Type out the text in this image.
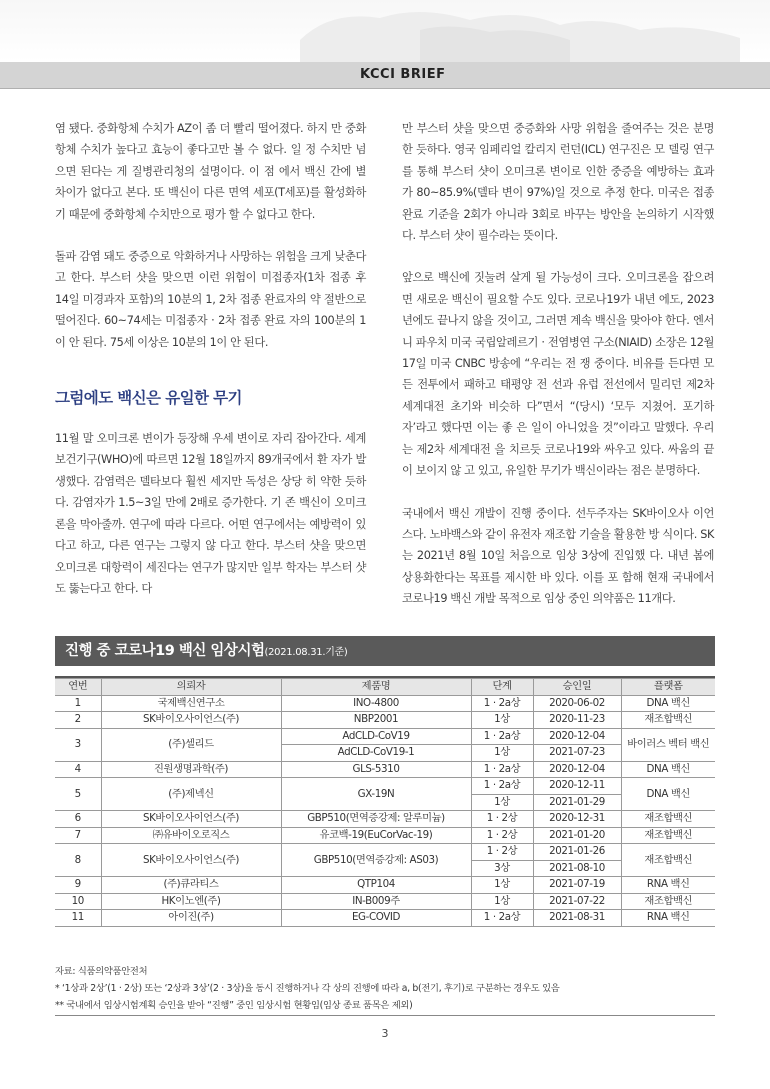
KCCI BRIEF

염 됐다. 중화항체 수치가 AZ이 좀 더 빨리 떨어졌다. 하지 만 중화항체 수치가 높다고 효능이 좋다고만 볼 수 없다. 일 정 수치만 넘으면 된다는 게 질병관리청의 설명이다. 이 점 에서 백신 간에 별 차이가 없다고 본다. 또 백신이 다른 면역 세포(T세포)를 활성화하기 때문에 중화항체 수치만으로 평가 할 수 없다고 한다.

돌파 감염 돼도 중증으로 악화하거나 사망하는 위험을 크게 낮춘다고 한다. 부스터 샷을 맞으면 이런 위험이 미접종자(1차 접종 후 14일 미경과자 포함)의 10분의 1, 2차 접종 완료자의 약 절반으로 떨어진다. 60~74세는 미접종자 · 2차 접종 완료 자의 100분의 1이 안 된다. 75세 이상은 10분의 1이 안 된다.

그럼에도 백신은 유일한 무기

11월 말 오미크론 변이가 등장해 우세 변이로 자리 잡아간다. 세계보건기구(WHO)에 따르면 12월 18일까지 89개국에서 환 자가 발생했다. 감염력은 델타보다 훨씬 세지만 독성은 상당 히 약한 듯하다. 감염자가 1.5~3일 만에 2배로 증가한다. 기 존 백신이 오미크론을 막아줄까. 연구에 따라 다르다. 어떤 연구에서는 예방력이 있다고 하고, 다른 연구는 그렇지 않 다고 한다. 부스터 샷을 맞으면 오미크론 대항력이 세진다는 연구가 많지만 일부 학자는 부스터 샷도 뚫는다고 한다. 다

만 부스터 샷을 맞으면 중증화와 사망 위험을 줄여주는 것은 분명한 듯하다. 영국 임페리얼 칼리지 런던(ICL) 연구진은 모 델링 연구를 통해 부스터 샷이 오미크론 변이로 인한 중증을 예방하는 효과가 80~85.9%(델타 변이 97%)일 것으로 추정 한다. 미국은 접종 완료 기준을 2회가 아니라 3회로 바꾸는 방안을 논의하기 시작했다. 부스터 샷이 필수라는 뜻이다.

앞으로 백신에 짓눌려 살게 될 가능성이 크다. 오미크론을 잡으려면 새로운 백신이 필요할 수도 있다. 코로나19가 내년 에도, 2023년에도 끝나지 않을 것이고, 그러면 계속 백신을 맞아야 한다. 엔서니 파우치 미국 국립알레르기 · 전염병연 구소(NIAID) 소장은 12월 17일 미국 CNBC 방송에 “우리는 전 쟁 중이다. 비유를 든다면 모든 전투에서 패하고 태평양 전 선과 유럽 전선에서 밀리던 제2차 세계대전 초기와 비슷하 다”면서 “(당시) ‘모두 지쳤어. 포기하자’라고 했다면 이는 좋 은 일이 아니었을 것”이라고 말했다. 우리는 제2차 세계대전 을 치르듯 코로나19와 싸우고 있다. 싸움의 끝이 보이지 않 고 있고, 유일한 무기가 백신이라는 점은 분명하다.

국내에서 백신 개발이 진행 중이다. 선두주자는 SK바이오사 이언스다. 노바백스와 같이 유전자 재조합 기술을 활용한 방 식이다. SK는 2021년 8월 10일 처음으로 임상 3상에 진입했 다. 내년 봄에 상용화한다는 목표를 제시한 바 있다. 이를 포 함해 현재 국내에서 코로나19 백신 개발 목적으로 임상 중인 의약품은 11개다.

진행 중 코로나19 백신 임상시험(2021.08.31.기준)
연번	의뢰자	제품명	단계	승인일	플랫폼
1	국제백신연구소	INO-4800	1 · 2a상	2020-06-02	DNA 백신
2	SK바이오사이언스(주)	NBP2001	1상	2020-11-23	재조합백신
3	(주)셀리드	AdCLD-CoV19	1 · 2a상	2020-12-04	바이러스 벡터 백신
		AdCLD-CoV19-1	1상	2021-07-23	
4	진원생명과학(주)	GLS-5310	1 · 2a상	2020-12-04	DNA 백신
5	(주)제넥신	GX-19N	1 · 2a상	2020-12-11	DNA 백신
			1상	2021-01-29	
6	SK바이오사이언스(주)	GBP510(면역증강제: 알루미늄)	1 · 2상	2020-12-31	재조합백신
7	㈜유바이오로직스	유코백-19(EuCorVac-19)	1 · 2상	2021-01-20	재조합백신
8	SK바이오사이언스(주)	GBP510(면역증강제: AS03)	1 · 2상	2021-01-26	재조합백신
			3상	2021-08-10	
9	(주)큐라티스	QTP104	1상	2021-07-19	RNA 백신
10	HK이노엔(주)	IN-B009주	1상	2021-07-22	재조합백신
11	아이진(주)	EG-COVID	1 · 2a상	2021-08-31	RNA 백신
자료: 식품의약품안전처
* ‘1상과 2상’(1 · 2상) 또는 ‘2상과 3상’(2 · 3상)을 동시 진행하거나 각 상의 진행에 따라 a, b(전기, 후기)로 구분하는 경우도 있음
** 국내에서 임상시험계획 승인을 받아 “진행” 중인 임상시험 현황임(임상 종료 품목은 제외)
3
